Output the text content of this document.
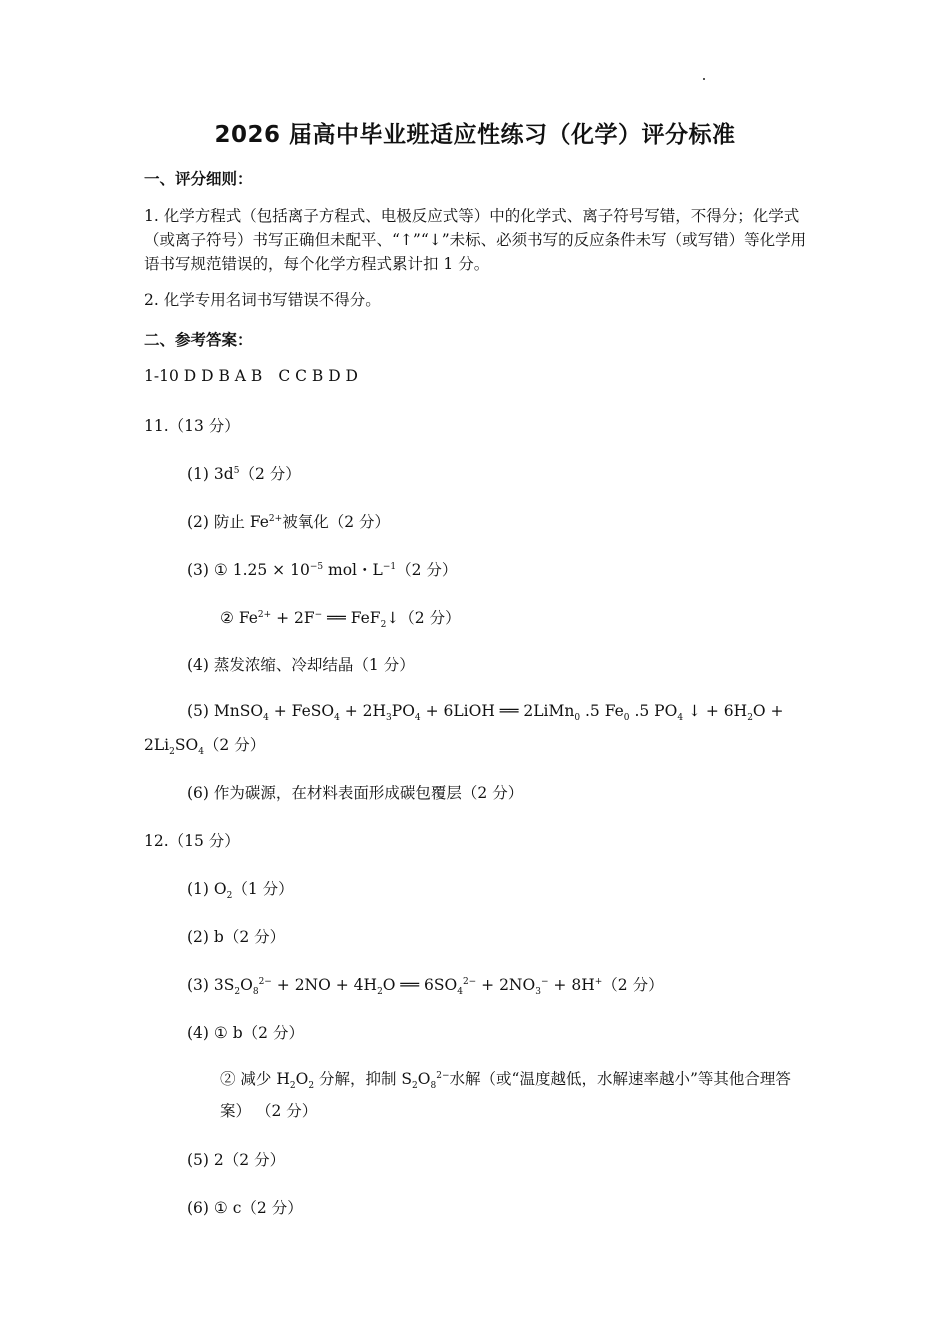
2026 届高中毕业班适应性练习（化学）评分标准
一、评分细则：
1. 化学方程式（包括离子方程式、电极反应式等）中的化学式、离子符号写错，不得分；化学式（或离子符号）书写正确但未配平、“↑”“↓”未标、必须书写的反应条件未写（或写错）等化学用语书写规范错误的，每个化学方程式累计扣 1 分。
2. 化学专用名词书写错误不得分。
二、参考答案：
1-10 D D B A B C C B D D
11.（13 分）
(1) $3d^5(2$ 分）
(2) 防止 $Fe^{2+}$被氧化（2 分）
(3) ① $1.25 \times 10^{-5}$ mol・$L^{-1}(2$ 分）
② $Fe^{2+} + 2F^-$ ══ FeF$_2$↓（2 分）
(4) 蒸发浓缩、冷却结晶（1 分）
(5) MnSO$_4$ + FeSO$_4$ + $2H_3PO_4$ + 6LiOH ══ 2LiMn$_0$ .5 $Fe_0$ .5 $PO_4$ ↓ + $6H_2O$ +
$2Li_2SO_4(2$ 分）
(6) 作为碳源，在材料表面形成碳包覆层（2 分）
12.（15 分）
(1) $O_2(1$ 分）
(2) b（2 分）
(3) $3S_2O_8^{2-} + 2NO + 4H_2O$ ══ $6SO_4^{2-} + 2NO_3^- + 8H^+(2$ 分）
(4) ① b（2 分）
② 减少 $H_2O_2$ 分解，抑制 $S_2O_8^{2-}$水解（或“温度越低，水解速率越小”等其他合理答案） （2 分）
(5) 2（2 分）
(6) ① c（2 分）
